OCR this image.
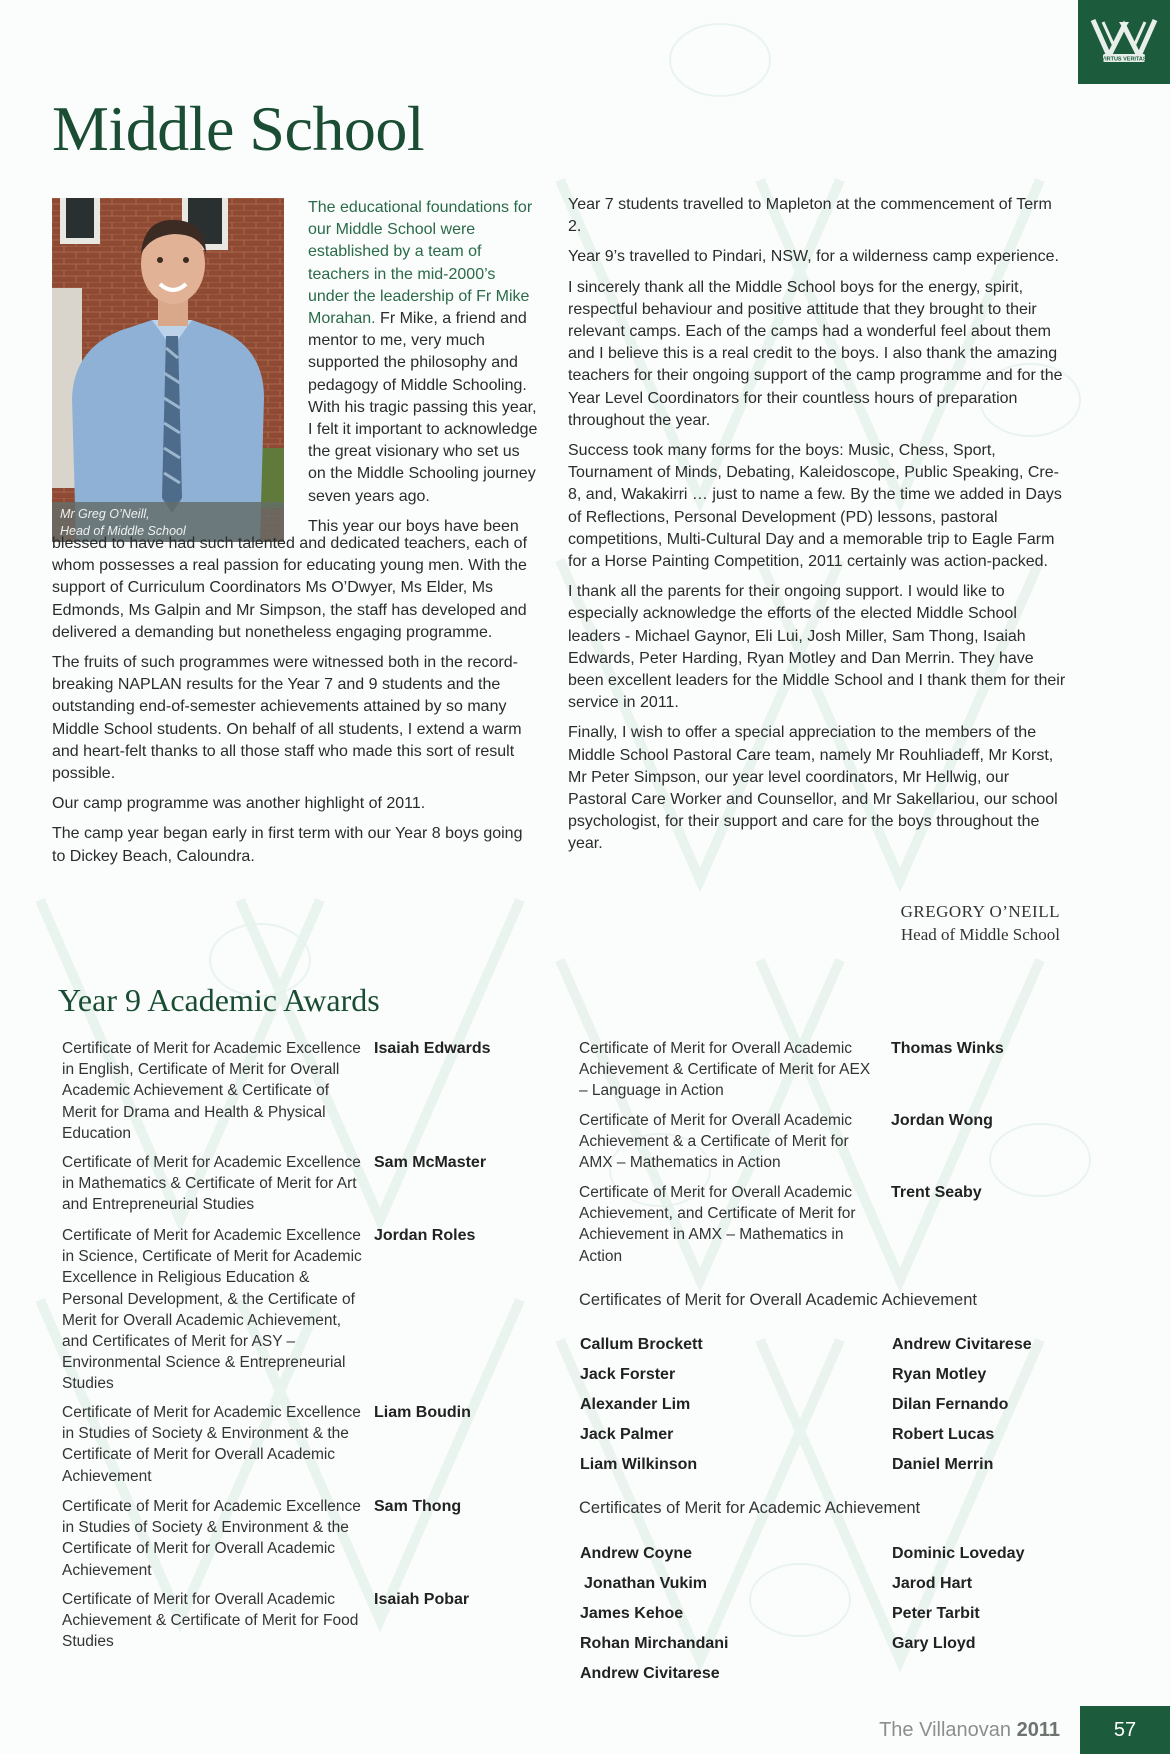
VIRTUS VERITAS
Middle School
Mr Greg O’Neill,
Head of Middle School

The educational foundations for our Middle School were established by a team of teachers in the mid-2000’s under the leadership of Fr Mike Morahan. Fr Mike, a friend and mentor to me, very much supported the philosophy and pedagogy of Middle Schooling. With his tragic passing this year, I felt it important to acknowledge the great visionary who set us on the Middle Schooling journey seven years ago.

This year our boys have been

blessed to have had such talented and dedicated teachers, each of whom possesses a real passion for educating young men. With the support of Curriculum Coordinators Ms O’Dwyer, Ms Elder, Ms Edmonds, Ms Galpin and Mr Simpson, the staff has developed and delivered a demanding but nonetheless engaging programme.

The fruits of such programmes were witnessed both in the record-breaking NAPLAN results for the Year 7 and 9 students and the outstanding end-of-semester achievements attained by so many Middle School students. On behalf of all students, I extend a warm and heart-felt thanks to all those staff who made this sort of result possible.

Our camp programme was another highlight of 2011.

The camp year began early in first term with our Year 8 boys going to Dickey Beach, Caloundra.

Year 7 students travelled to Mapleton at the commencement of Term 2.

Year 9’s travelled to Pindari, NSW, for a wilderness camp experience.

I sincerely thank all the Middle School boys for the energy, spirit, respectful behaviour and positive attitude that they brought to their relevant camps. Each of the camps had a wonderful feel about them and I believe this is a real credit to the boys. I also thank the amazing teachers for their ongoing support of the camp programme and for the Year Level Coordinators for their countless hours of preparation throughout the year.

Success took many forms for the boys: Music, Chess, Sport, Tournament of Minds, Debating, Kaleidoscope, Public Speaking, Cre-8, and, Wakakirri … just to name a few. By the time we added in Days of Reflections, Personal Development (PD) lessons, pastoral competitions, Multi-Cultural Day and a memorable trip to Eagle Farm for a Horse Painting Competition, 2011 certainly was action-packed.

I thank all the parents for their ongoing support. I would like to especially acknowledge the efforts of the elected Middle School leaders - Michael Gaynor, Eli Lui, Josh Miller, Sam Thong, Isaiah Edwards, Peter Harding, Ryan Motley and Dan Merrin. They have been excellent leaders for the Middle School and I thank them for their service in 2011.

Finally, I wish to offer a special appreciation to the members of the Middle School Pastoral Care team, namely Mr Rouhliadeff, Mr Korst, Mr Peter Simpson, our year level coordinators, Mr Hellwig, our Pastoral Care Worker and Counsellor, and Mr Sakellariou, our school psychologist, for their support and care for the boys throughout the year.

GREGORY O’NEILL
Head of Middle School
Year 9 Academic Awards
Certificate of Merit for Academic Excellence in English, Certificate of Merit for Overall Academic Achievement & Certificate of Merit for Drama and Health & Physical Education
Isaiah Edwards
Certificate of Merit for Academic Excellence in Mathematics & Certificate of Merit for Art and Entrepreneurial Studies
Sam McMaster
Certificate of Merit for Academic Excellence in Science, Certificate of Merit for Academic Excellence in Religious Education & Personal Development, & the Certificate of Merit for Overall Academic Achievement, and Certificates of Merit for ASY – Environmental Science & Entrepreneurial Studies
Jordan Roles
Certificate of Merit for Academic Excellence in Studies of Society & Environment & the Certificate of Merit for Overall Academic Achievement
Liam Boudin
Certificate of Merit for Academic Excellence in Studies of Society & Environment & the Certificate of Merit for Overall Academic Achievement
Sam Thong
Certificate of Merit for Overall Academic Achievement & Certificate of Merit for Food Studies
Isaiah Pobar
Certificate of Merit for Overall Academic Achievement & Certificate of Merit for AEX – Language in Action
Thomas Winks
Certificate of Merit for Overall Academic Achievement & a Certificate of Merit for AMX – Mathematics in Action
Jordan Wong
Certificate of Merit for Overall Academic Achievement, and Certificate of Merit for Achievement in AMX – Mathematics in Action
Trent Seaby
Certificates of Merit for Overall Academic Achievement
Callum Brockett	Andrew Civitarese
Jack Forster	Ryan Motley
Alexander Lim	Dilan Fernando
Jack Palmer	Robert Lucas
Liam Wilkinson	Daniel Merrin
Certificates of Merit for Academic Achievement
Andrew Coyne	Dominic Loveday
Jonathan Vukim	Jarod Hart
James Kehoe	Peter Tarbit
Rohan Mirchandani	Gary Lloyd
Andrew Civitarese
The Villanovan 2011	57
